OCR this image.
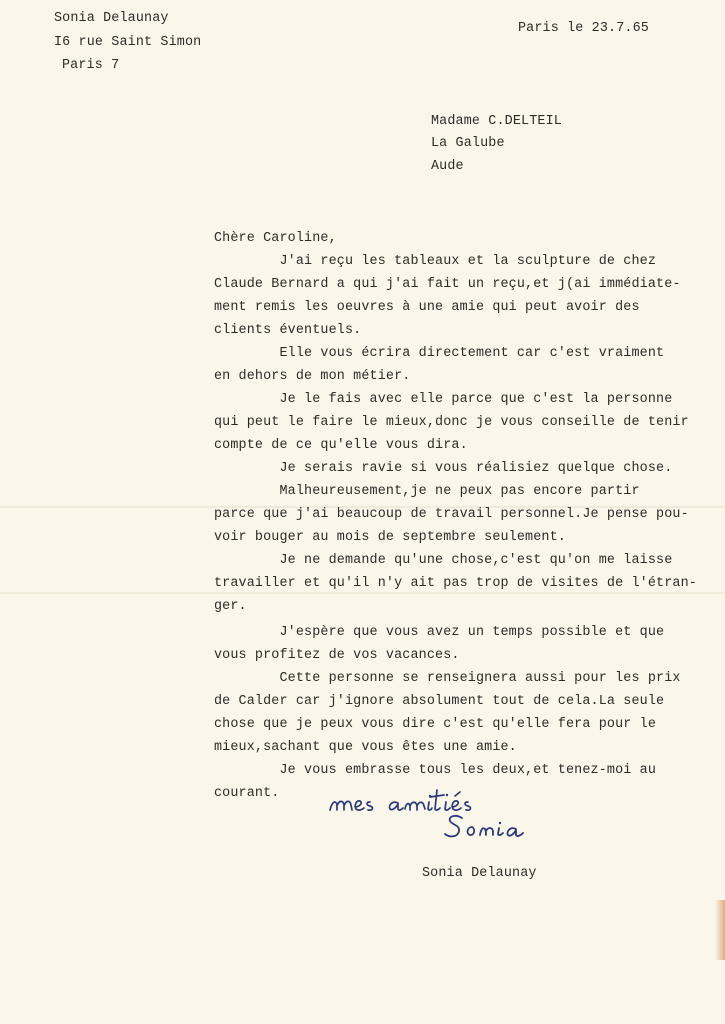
Sonia Delaunay
I6 rue Saint Simon
Paris 7
Paris le 23.7.65
Madame C.DELTEIL
La Galube
Aude
Chère Caroline,
J'ai reçu les tableaux et la sculpture de chez
Claude Bernard a qui j'ai fait un reçu,et j(ai immédiate-
ment remis les oeuvres à une amie qui peut avoir des
clients éventuels.
Elle vous écrira directement car c'est vraiment
en dehors de mon métier.
Je le fais avec elle parce que c'est la personne
qui peut le faire le mieux,donc je vous conseille de tenir
compte de ce qu'elle vous dira.
Je serais ravie si vous réalisiez quelque chose.
Malheureusement,je ne peux pas encore partir
parce que j'ai beaucoup de travail personnel.Je pense pou-
voir bouger au mois de septembre seulement.
Je ne demande qu'une chose,c'est qu'on me laisse
travailler et qu'il n'y ait pas trop de visites de l'étran-
ger.
J'espère que vous avez un temps possible et que
vous profitez de vos vacances.
Cette personne se renseignera aussi pour les prix
de Calder car j'ignore absolument tout de cela.La seule
chose que je peux vous dire c'est qu'elle fera pour le
mieux,sachant que vous êtes une amie.
Je vous embrasse tous les deux,et tenez-moi au
courant.
Sonia Delaunay
